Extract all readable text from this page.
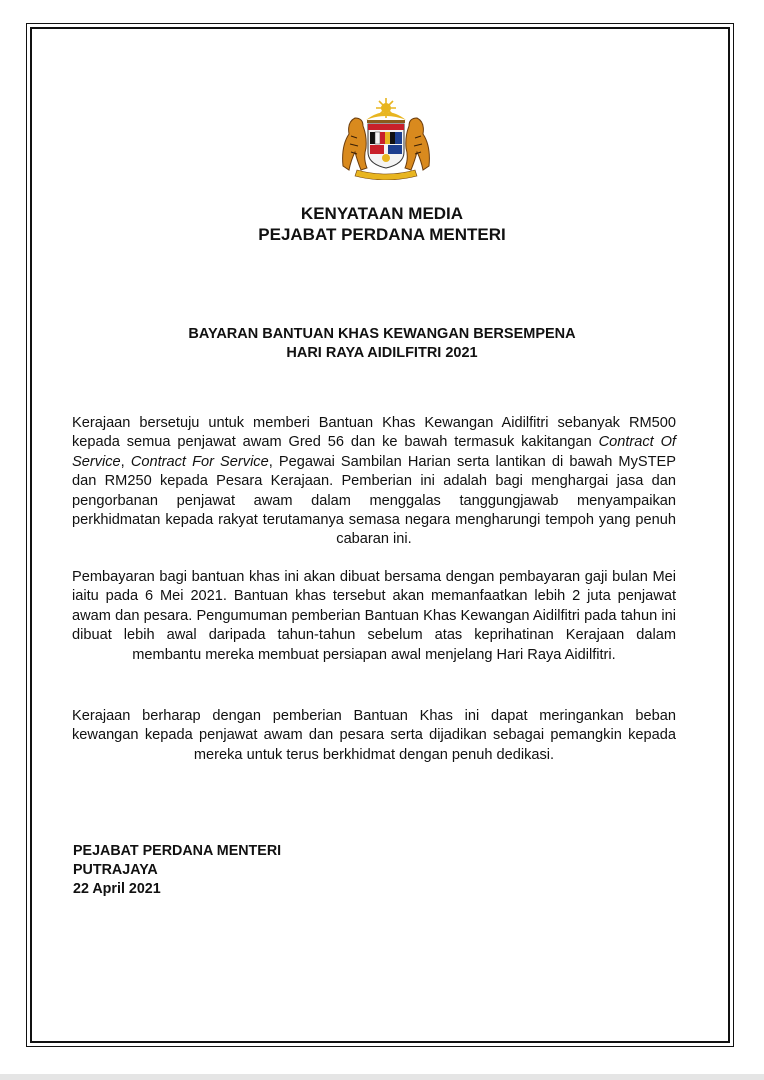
KENYATAAN MEDIA
PEJABAT PERDANA MENTERI
BAYARAN BANTUAN KHAS KEWANGAN BERSEMPENA
HARI RAYA AIDILFITRI 2021

Kerajaan bersetuju untuk memberi Bantuan Khas Kewangan Aidilfitri sebanyak RM500 kepada semua penjawat awam Gred 56 dan ke bawah termasuk kakitangan Contract Of Service, Contract For Service, Pegawai Sambilan Harian serta lantikan di bawah MySTEP dan RM250 kepada Pesara Kerajaan. Pemberian ini adalah bagi menghargai jasa dan pengorbanan penjawat awam dalam menggalas tanggungjawab menyampaikan perkhidmatan kepada rakyat terutamanya semasa negara mengharungi tempoh yang penuh cabaran ini.

Pembayaran bagi bantuan khas ini akan dibuat bersama dengan pembayaran gaji bulan Mei iaitu pada 6 Mei 2021. Bantuan khas tersebut akan memanfaatkan lebih 2 juta penjawat awam dan pesara. Pengumuman pemberian Bantuan Khas Kewangan Aidilfitri pada tahun ini dibuat lebih awal daripada tahun-tahun sebelum atas keprihatinan Kerajaan dalam membantu mereka membuat persiapan awal menjelang Hari Raya Aidilfitri.

Kerajaan berharap dengan pemberian Bantuan Khas ini dapat meringankan beban kewangan kepada penjawat awam dan pesara serta dijadikan sebagai pemangkin kepada mereka untuk terus berkhidmat dengan penuh dedikasi.

PEJABAT PERDANA MENTERI
PUTRAJAYA
22 April 2021
